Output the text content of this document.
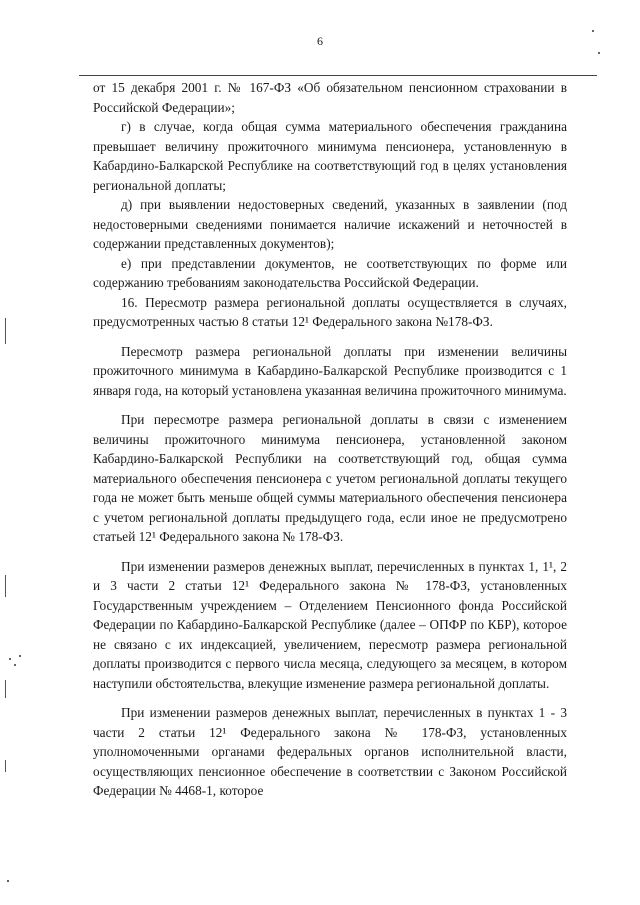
6

от 15 декабря 2001 г. № 167-ФЗ «Об обязательном пенсионном страховании в Российской Федерации»;

г) в случае, когда общая сумма материального обеспечения гражданина превышает величину прожиточного минимума пенсионера, установленную в Кабардино-Балкарской Республике на соответствующий год в целях установления региональной доплаты;

д) при выявлении недостоверных сведений, указанных в заявлении (под недостоверными сведениями понимается наличие искажений и неточностей в содержании представленных документов);

е) при представлении документов, не соответствующих по форме или содержанию требованиям законодательства Российской Федерации.

16. Пересмотр размера региональной доплаты осуществляется в случаях, предусмотренных частью 8 статьи 12¹ Федерального закона №178-ФЗ.

Пересмотр размера региональной доплаты при изменении величины прожиточного минимума в Кабардино-Балкарской Республике производится с 1 января года, на который установлена указанная величина прожиточного минимума.

При пересмотре размера региональной доплаты в связи с изменением величины прожиточного минимума пенсионера, установленной законом Кабардино-Балкарской Республики на соответствующий год, общая сумма материального обеспечения пенсионера с учетом региональной доплаты текущего года не может быть меньше общей суммы материального обеспечения пенсионера с учетом региональной доплаты предыдущего года, если иное не предусмотрено статьей 12¹ Федерального закона № 178-ФЗ.

При изменении размеров денежных выплат, перечисленных в пунктах 1, 1¹, 2 и 3 части 2 статьи 12¹ Федерального закона № 178-ФЗ, установленных Государственным учреждением – Отделением Пенсионного фонда Российской Федерации по Кабардино-Балкарской Республике (далее – ОПФР по КБР), которое не связано с их индексацией, увеличением, пересмотр размера региональной доплаты производится с первого числа месяца, следующего за месяцем, в котором наступили обстоятельства, влекущие изменение размера региональной доплаты.

При изменении размеров денежных выплат, перечисленных в пунктах 1 - 3 части 2 статьи 12¹ Федерального закона № 178-ФЗ, установленных уполномоченными органами федеральных органов исполнительной власти, осуществляющих пенсионное обеспечение в соответствии с Законом Российской Федерации № 4468-1, которое
